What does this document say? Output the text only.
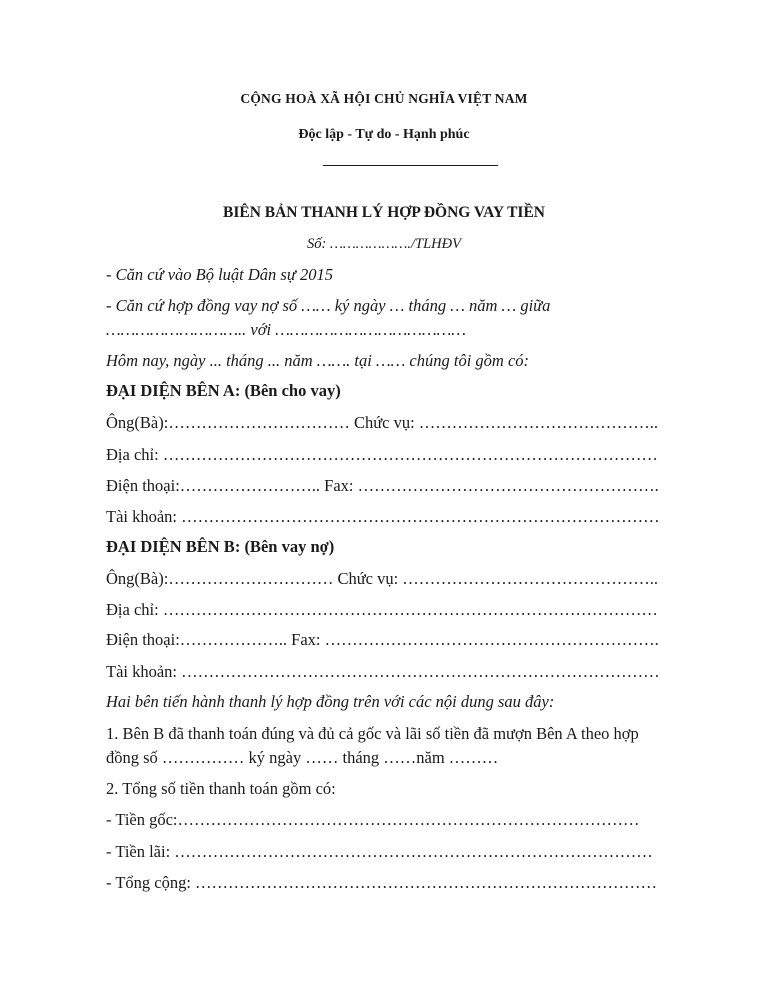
CỘNG HOÀ XÃ HỘI CHỦ NGHĨA VIỆT NAM
Độc lập - Tự do - Hạnh phúc
BIÊN BẢN THANH LÝ HỢP ĐỒNG VAY TIỀN
Số: ………………./TLHĐV
- Căn cứ vào Bộ luật Dân sự 2015
- Căn cứ hợp đồng vay nợ số …… ký ngày … tháng … năm … giữa
……………………….. với …………………………………
Hôm nay, ngày ... tháng ... năm ……. tại …… chúng tôi gồm có:
ĐẠI DIỆN BÊN A: (Bên cho vay)
Ông(Bà):…………………………… Chức vụ: ……………………………………..
Địa chỉ: ………………………………………………………………………………
Điện thoại:…………………….. Fax: ……………………………………………….
Tài khoản: ……………………………………………………………………………
ĐẠI DIỆN BÊN B: (Bên vay nợ)
Ông(Bà):………………………… Chức vụ: ………………………………………..
Địa chỉ: ………………………………………………………………………………
Điện thoại:……………….. Fax: …………………………………………………….
Tài khoản: ……………………………………………………………………………
Hai bên tiến hành thanh lý hợp đồng trên với các nội dung sau đây:
1. Bên B đã thanh toán đúng và đủ cả gốc và lãi số tiền đã mượn Bên A theo hợp
đồng số …………… ký ngày …… tháng ……năm ………
2. Tổng số tiền thanh toán gồm có:
- Tiền gốc:…………………………………………………………………………
- Tiền lãi: ……………………………………………………………………………
- Tổng cộng: …………………………………………………………………………
